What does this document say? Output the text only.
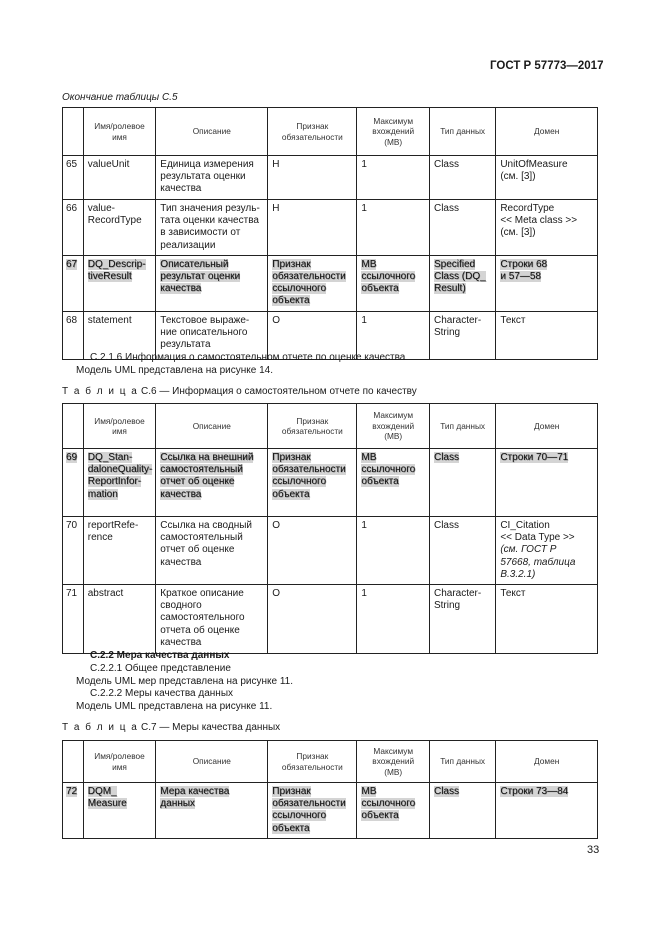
ГОСТ Р 57773—2017
Окончание таблицы С.5
	Имя/ролевое
имя	Описание	Признак
обязательности	Максимум
вхождений
(МВ)	Тип данных	Домен
65	valueUnit	Единица измерения
результата оценки
качества	Н	1	Class	UnitOfMeasure
(см. [3])
66	value-
RecordType	Тип значения резуль-
тата оценки качества
в зависимости от
реализации	Н	1	Class	RecordType
<< Meta class >>
(см. [3])
67	DQ_Descrip-
tiveResult	Описательный
результат оценки
качества	Признак
обязательности
ссылочного
объекта	МВ
ссылочного
объекта	Specified
Class (DQ_
Result)	Строки 68
и 57—58
68	statement	Текстовое выраже-
ние описательного
результата	О	1	Character-
String	Текст
С.2.1.6 Информация о самостоятельном отчете по оценке качества
Модель UML представлена на рисунке 14.
Т а б л и ц а С.6 — Информация о самостоятельном отчете по качеству
	Имя/ролевое
имя	Описание	Признак
обязательности	Максимум
вхождений
(МВ)	Тип данных	Домен
69	DQ_Stan-
daloneQuality-
ReportInfor-
mation	Ссылка на внешний
самостоятельный
отчет об оценке
качества	Признак
обязательности
ссылочного
объекта	МВ
ссылочного
объекта	Class	Строки 70—71
70	reportRefe-
rence	Ссылка на сводный
самостоятельный
отчет об оценке
качества	О	1	Class	CI_Citation
<< Data Type >>
(см. ГОСТ Р
57668, таблица
В.3.2.1)
71	abstract	Краткое описание
сводного
самостоятельного
отчета об оценке
качества	О	1	Character-
String	Текст
С.2.2 Мера качества данных
С.2.2.1 Общее представление
Модель UML мер представлена на рисунке 11.
С.2.2.2 Меры качества данных
Модель UML представлена на рисунке 11.
Т а б л и ц а С.7 — Меры качества данных
	Имя/ролевое
имя	Описание	Признак
обязательности	Максимум
вхождений
(МВ)	Тип данных	Домен
72	DQM_
Measure	Мера качества
данных	Признак
обязательности
ссылочного
объекта	МВ
ссылочного
объекта	Class	Строки 73—84
33
